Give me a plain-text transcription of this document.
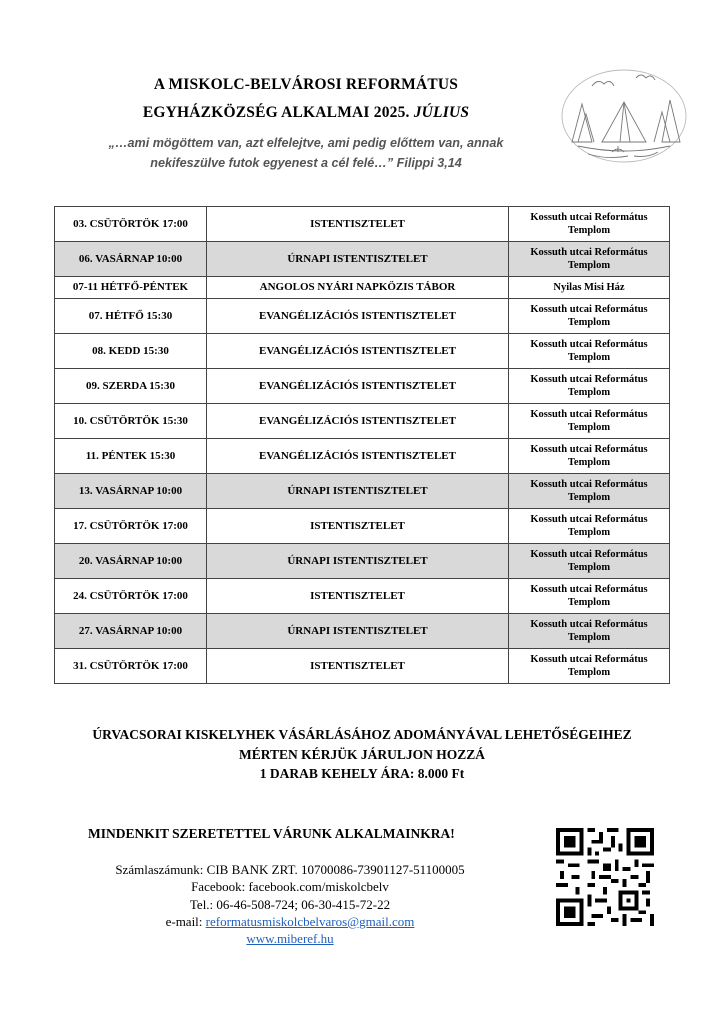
A MISKOLC-BELVÁROSI REFORMÁTUS
EGYHÁZKÖZSÉG ALKALMAI 2025. JÚLIUS
„…ami mögöttem van, azt elfelejtve, ami pedig előttem van, annak
nekifeszülve futok egyenest a cél felé…” Filippi 3,14
03. CSÜTÖRTÖK 17:00	ISTENTISZTELET	Kossuth utcai Református
Templom

06. VASÁRNAP 10:00	ÚRNAPI ISTENTISZTELET	Kossuth utcai Református
Templom

07-11 HÉTFŐ-PÉNTEK	ANGOLOS NYÁRI NAPKÖZIS TÁBOR	Nyilas Misi Ház

07. HÉTFŐ 15:30	EVANGÉLIZÁCIÓS ISTENTISZTELET	Kossuth utcai Református
Templom

08. KEDD 15:30	EVANGÉLIZÁCIÓS ISTENTISZTELET	Kossuth utcai Református
Templom

09. SZERDA 15:30	EVANGÉLIZÁCIÓS ISTENTISZTELET	Kossuth utcai Református
Templom

10. CSÜTÖRTÖK 15:30	EVANGÉLIZÁCIÓS ISTENTISZTELET	Kossuth utcai Református
Templom

11. PÉNTEK 15:30	EVANGÉLIZÁCIÓS ISTENTISZTELET	Kossuth utcai Református
Templom

13. VASÁRNAP 10:00	ÚRNAPI ISTENTISZTELET	Kossuth utcai Református
Templom

17. CSÜTÖRTÖK 17:00	ISTENTISZTELET	Kossuth utcai Református
Templom

20. VASÁRNAP 10:00	ÚRNAPI ISTENTISZTELET	Kossuth utcai Református
Templom

24. CSÜTÖRTÖK 17:00	ISTENTISZTELET	Kossuth utcai Református
Templom

27. VASÁRNAP 10:00	ÚRNAPI ISTENTISZTELET	Kossuth utcai Református
Templom

31. CSÜTÖRTÖK 17:00	ISTENTISZTELET	Kossuth utcai Református
Templom
ÚRVACSORAI KISKELYHEK VÁSÁRLÁSÁHOZ ADOMÁNYÁVAL LEHETŐSÉGEIHEZ
MÉRTEN KÉRJÜK JÁRULJON HOZZÁ
1 DARAB KEHELY ÁRA: 8.000 Ft
MINDENKIT SZERETETTEL VÁRUNK ALKALMAINKRA!
Számlaszámunk: CIB BANK ZRT. 10700086-73901127-51100005
Facebook: facebook.com/miskolcbelv
Tel.: 06-46-508-724; 06-30-415-72-22
e-mail: reformatusmiskolcbelvaros@gmail.com
www.miberef.hu
